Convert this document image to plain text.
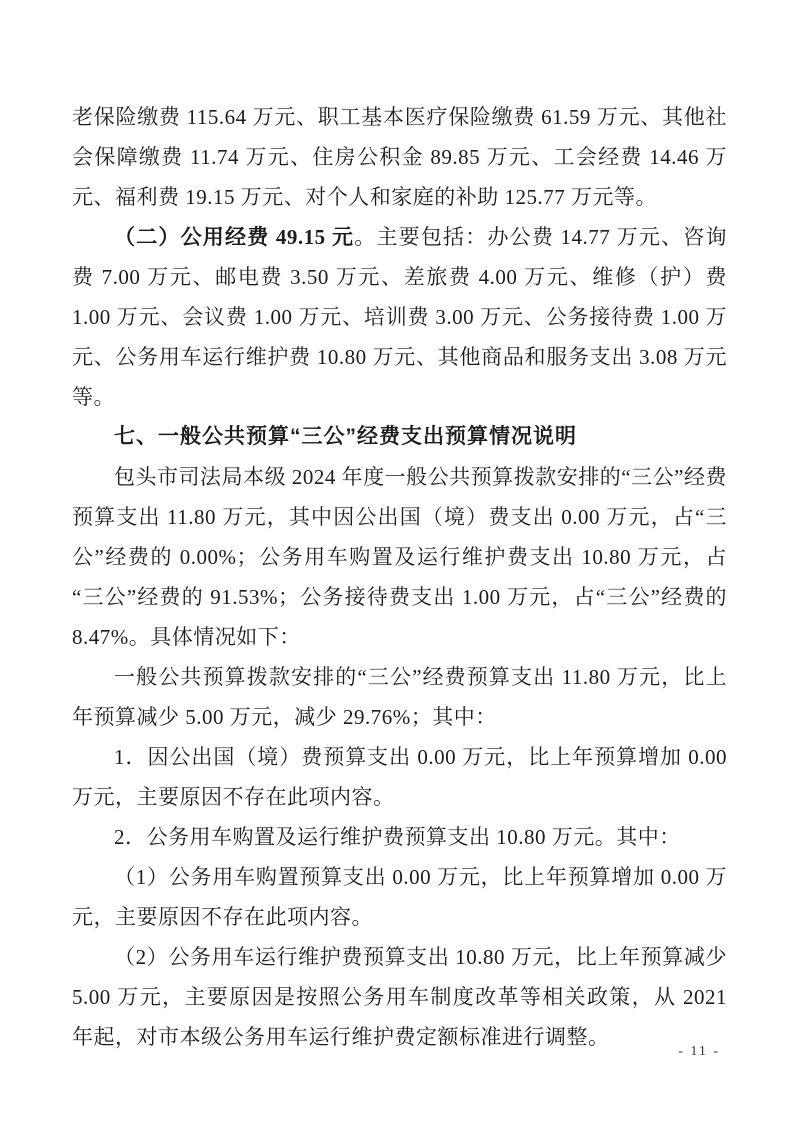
老保险缴费 115.64 万元、职工基本医疗保险缴费 61.59 万元、其他社会保障缴费 11.74 万元、住房公积金 89.85 万元、工会经费 14.46 万元、福利费 19.15 万元、对个人和家庭的补助 125.77 万元等。

（二）公用经费 49.15 元。主要包括：办公费 14.77 万元、咨询费 7.00 万元、邮电费 3.50 万元、差旅费 4.00 万元、维修（护）费 1.00 万元、会议费 1.00 万元、培训费 3.00 万元、公务接待费 1.00 万元、公务用车运行维护费 10.80 万元、其他商品和服务支出 3.08 万元等。

七、一般公共预算“三公”经费支出预算情况说明

包头市司法局本级 2024 年度一般公共预算拨款安排的“三公”经费预算支出 11.80 万元，其中因公出国（境）费支出 0.00 万元，占“三公”经费的 0.00%；公务用车购置及运行维护费支出 10.80 万元，占“三公”经费的 91.53%；公务接待费支出 1.00 万元，占“三公”经费的 8.47%。具体情况如下：

一般公共预算拨款安排的“三公”经费预算支出 11.80 万元，比上年预算减少 5.00 万元，减少 29.76%；其中：

1．因公出国（境）费预算支出 0.00 万元，比上年预算增加 0.00 万元，主要原因不存在此项内容。

2．公务用车购置及运行维护费预算支出 10.80 万元。其中：

（1）公务用车购置预算支出 0.00 万元，比上年预算增加 0.00 万元，主要原因不存在此项内容。

（2）公务用车运行维护费预算支出 10.80 万元，比上年预算减少 5.00 万元，主要原因是按照公务用车制度改革等相关政策，从 2021 年起，对市本级公务用车运行维护费定额标准进行调整。

- 11 -
